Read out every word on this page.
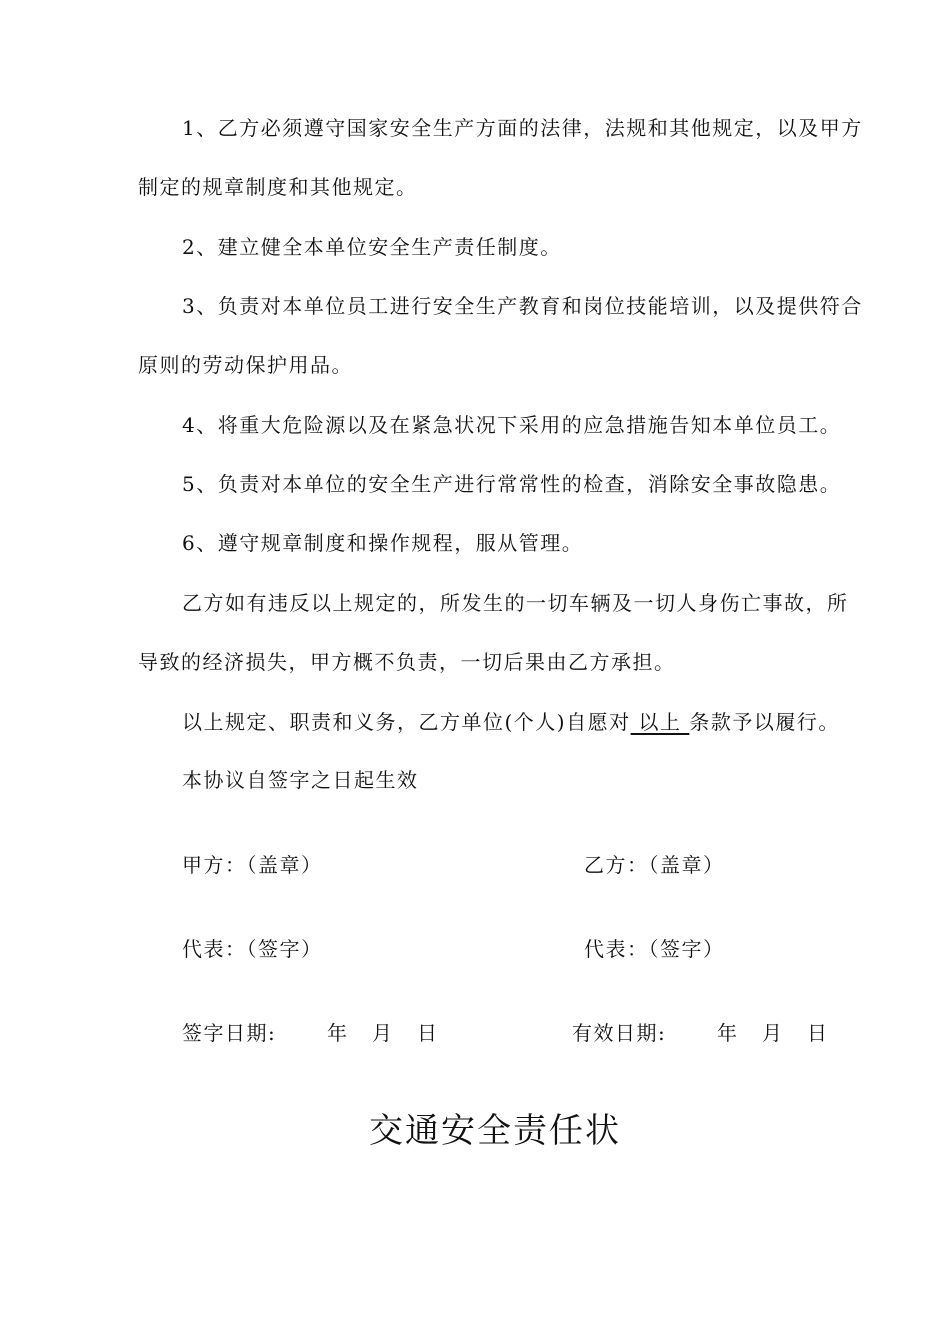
1、乙方必须遵守国家安全生产方面的法律，法规和其他规定，以及甲方制定的规章制度和其他规定。

2、建立健全本单位安全生产责任制度。

3、负责对本单位员工进行安全生产教育和岗位技能培训，以及提供符合原则的劳动保护用品。

4、将重大危险源以及在紧急状况下采用的应急措施告知本单位员工。

5、负责对本单位的安全生产进行常常性的检查，消除安全事故隐患。

6、遵守规章制度和操作规程，服从管理。

乙方如有违反以上规定的，所发生的一切车辆及一切人身伤亡事故，所导致的经济损失，甲方概不负责，一切后果由乙方承担。

以上规定、职责和义务，乙方单位(个人)自愿对 以上 条款予以履行。

本协议自签字之日起生效

甲方：（盖章）	乙方：（盖章）
代表：（签字）	代表：（签字）
签字日期:	年 月 日	有效日期:	年 月 日
交通安全责任状
